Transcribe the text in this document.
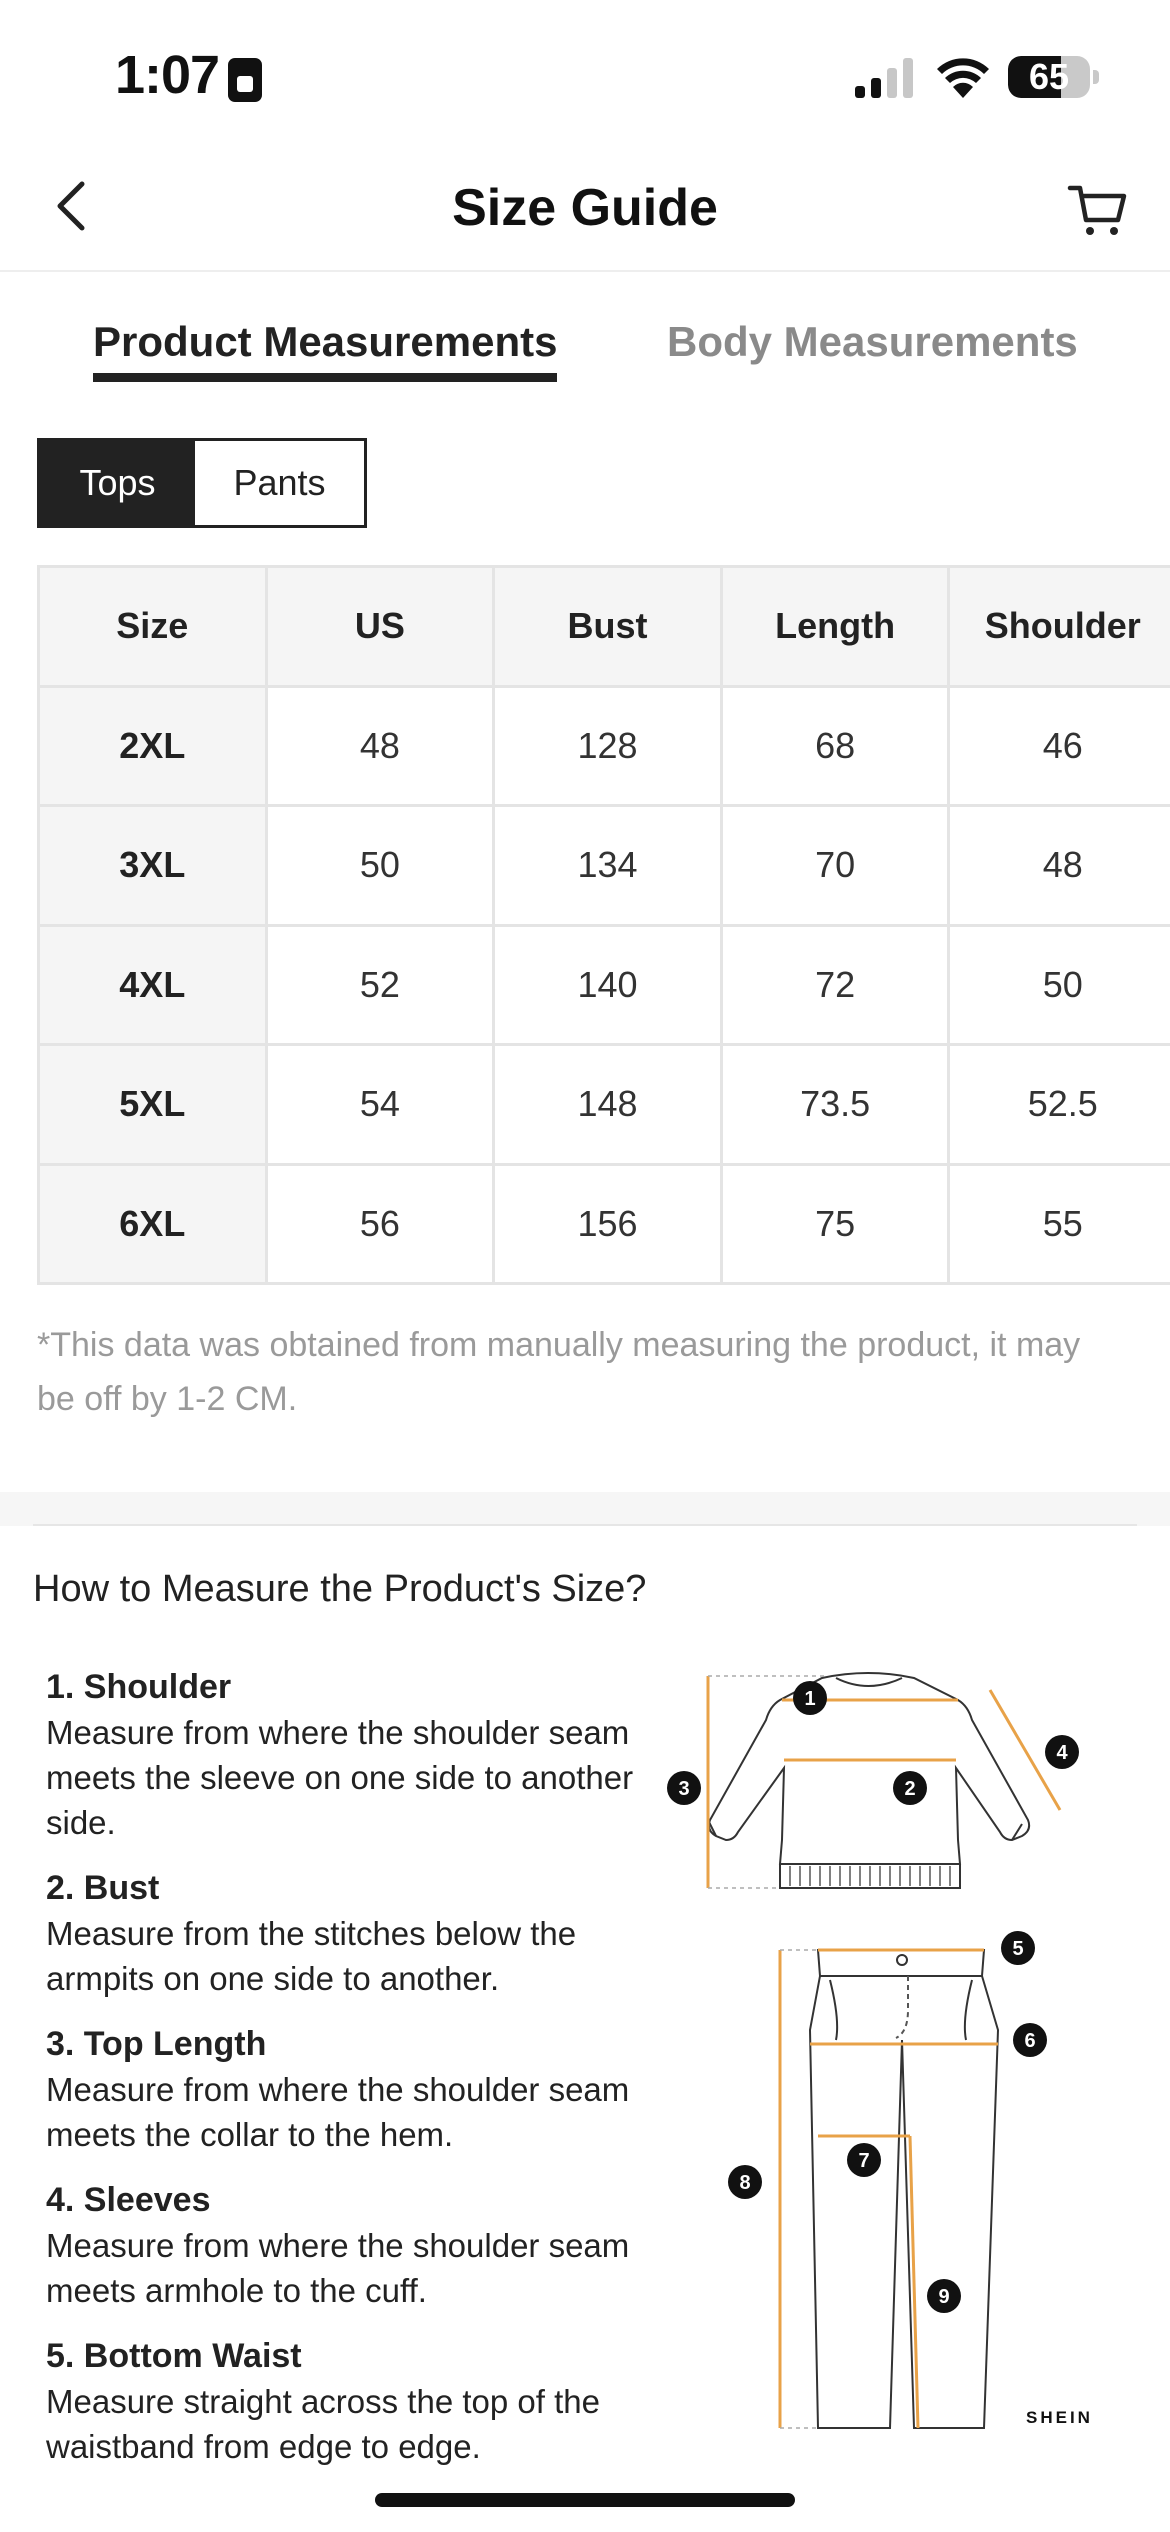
1:07	65
Size Guide
Product Measurements	Body Measurements
Tops	Pants
Size	US	Bust	Length	Shoulder	
2XL	48	128	68	46	
3XL	50	134	70	48	
4XL	52	140	72	50	
5XL	54	148	73.5	52.5	
6XL	56	156	75	55	
*This data was obtained from manually measuring the product, it may be off by 1-2 CM.
How to Measure the Product's Size?
1. Shoulder
Measure from where the shoulder seam meets the sleeve on one side to another side.
2. Bust
Measure from the stitches below the armpits on one side to another.
3. Top Length
Measure from where the shoulder seam meets the collar to the hem.
4. Sleeves
Measure from where the shoulder seam meets armhole to the cuff.
5. Bottom Waist
Measure straight across the top of the waistband from edge to edge.
1
2
3
4
5
6
7
8
9
SHEIN
